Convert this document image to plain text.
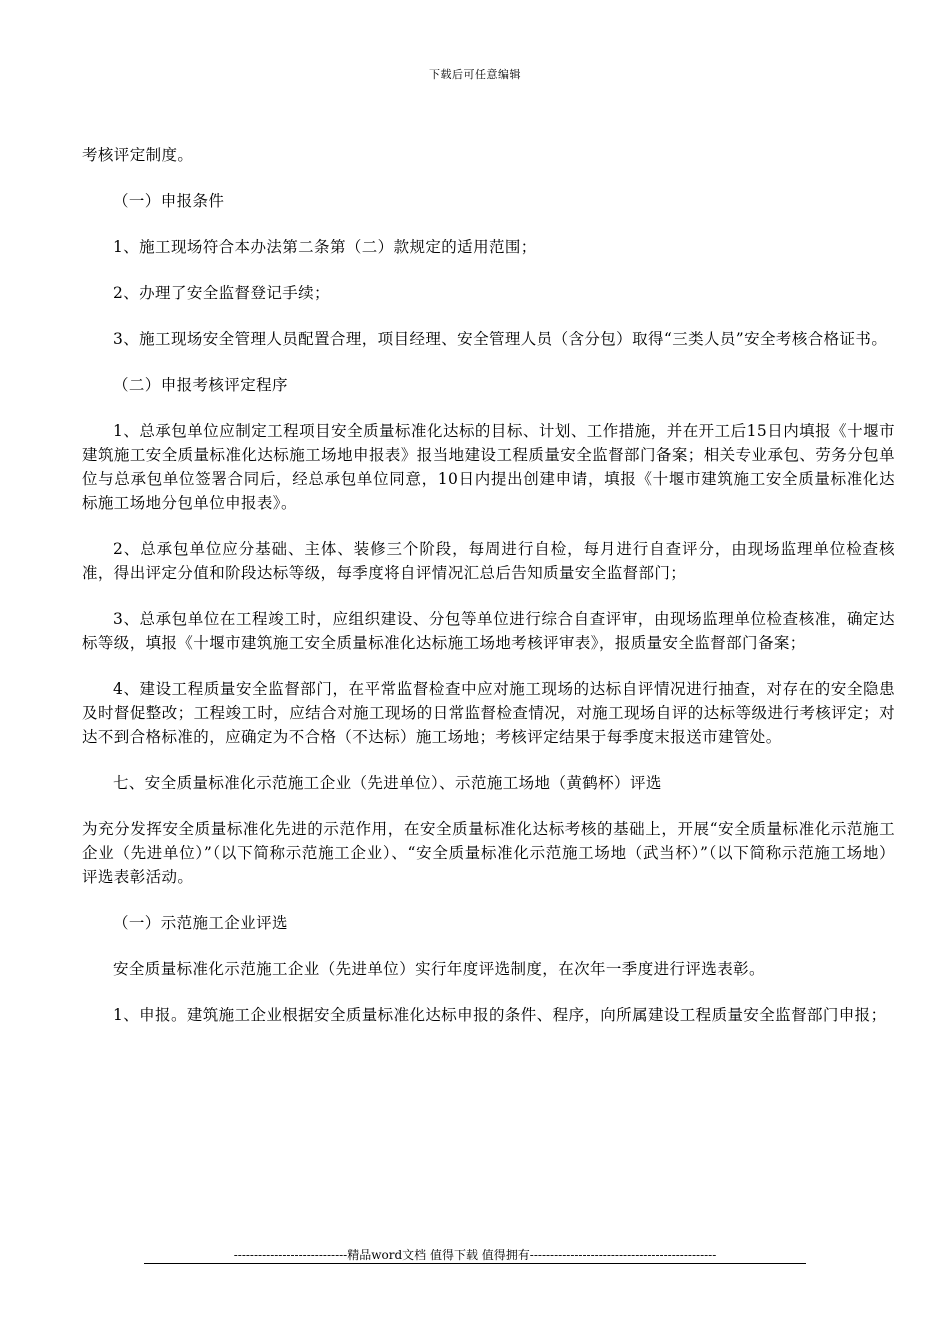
下载后可任意编辑

考核评定制度。

（一）申报条件

1、施工现场符合本办法第二条第（二）款规定的适用范围；

2、办理了安全监督登记手续；

3、施工现场安全管理人员配置合理，项目经理、安全管理人员（含分包）取得“三类人员”安全考核合格证书。

（二）申报考核评定程序

1、总承包单位应制定工程项目安全质量标准化达标的目标、计划、工作措施，并在开工后15日内填报《十堰市建筑施工安全质量标准化达标施工场地申报表》报当地建设工程质量安全监督部门备案；相关专业承包、劳务分包单位与总承包单位签署合同后，经总承包单位同意，10日内提出创建申请，填报《十堰市建筑施工安全质量标准化达标施工场地分包单位申报表》。

2、总承包单位应分基础、主体、装修三个阶段，每周进行自检，每月进行自查评分，由现场监理单位检查核准，得出评定分值和阶段达标等级，每季度将自评情况汇总后告知质量安全监督部门；

3、总承包单位在工程竣工时，应组织建设、分包等单位进行综合自查评审，由现场监理单位检查核准，确定达标等级，填报《十堰市建筑施工安全质量标准化达标施工场地考核评审表》，报质量安全监督部门备案；

4、建设工程质量安全监督部门，在平常监督检查中应对施工现场的达标自评情况进行抽查，对存在的安全隐患及时督促整改；工程竣工时，应结合对施工现场的日常监督检查情况，对施工现场自评的达标等级进行考核评定；对达不到合格标准的，应确定为不合格（不达标）施工场地；考核评定结果于每季度末报送市建管处。

七、安全质量标准化示范施工企业（先进单位）、示范施工场地（黄鹤杯）评选

为充分发挥安全质量标准化先进的示范作用，在安全质量标准化达标考核的基础上，开展“安全质量标准化示范施工企业（先进单位）”（以下简称示范施工企业）、“安全质量标准化示范施工场地（武当杯）”（以下简称示范施工场地）评选表彰活动。

（一）示范施工企业评选

安全质量标准化示范施工企业（先进单位）实行年度评选制度，在次年一季度进行评选表彰。

1、申报。建筑施工企业根据安全质量标准化达标申报的条件、程序，向所属建设工程质量安全监督部门申报；

----------------------------精品word文档 值得下载 值得拥有----------------------------------------------
